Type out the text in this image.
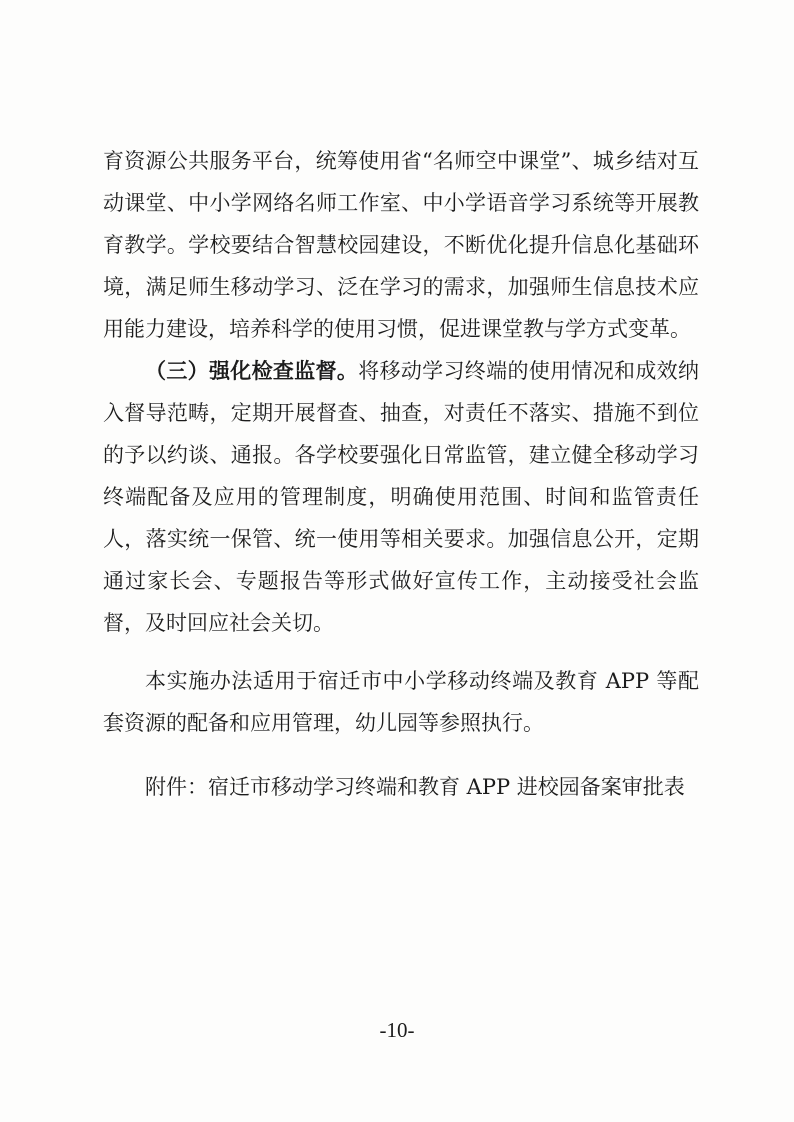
育资源公共服务平台，统筹使用省“名师空中课堂”、城乡结对互动课堂、中小学网络名师工作室、中小学语音学习系统等开展教育教学。学校要结合智慧校园建设，不断优化提升信息化基础环境，满足师生移动学习、泛在学习的需求，加强师生信息技术应用能力建设，培养科学的使用习惯，促进课堂教与学方式变革。

（三）强化检查监督。将移动学习终端的使用情况和成效纳入督导范畴，定期开展督查、抽查，对责任不落实、措施不到位的予以约谈、通报。各学校要强化日常监管，建立健全移动学习终端配备及应用的管理制度，明确使用范围、时间和监管责任人，落实统一保管、统一使用等相关要求。加强信息公开，定期通过家长会、专题报告等形式做好宣传工作，主动接受社会监督，及时回应社会关切。

本实施办法适用于宿迁市中小学移动终端及教育 APP 等配套资源的配备和应用管理，幼儿园等参照执行。

附件：宿迁市移动学习终端和教育 APP 进校园备案审批表

-10-
